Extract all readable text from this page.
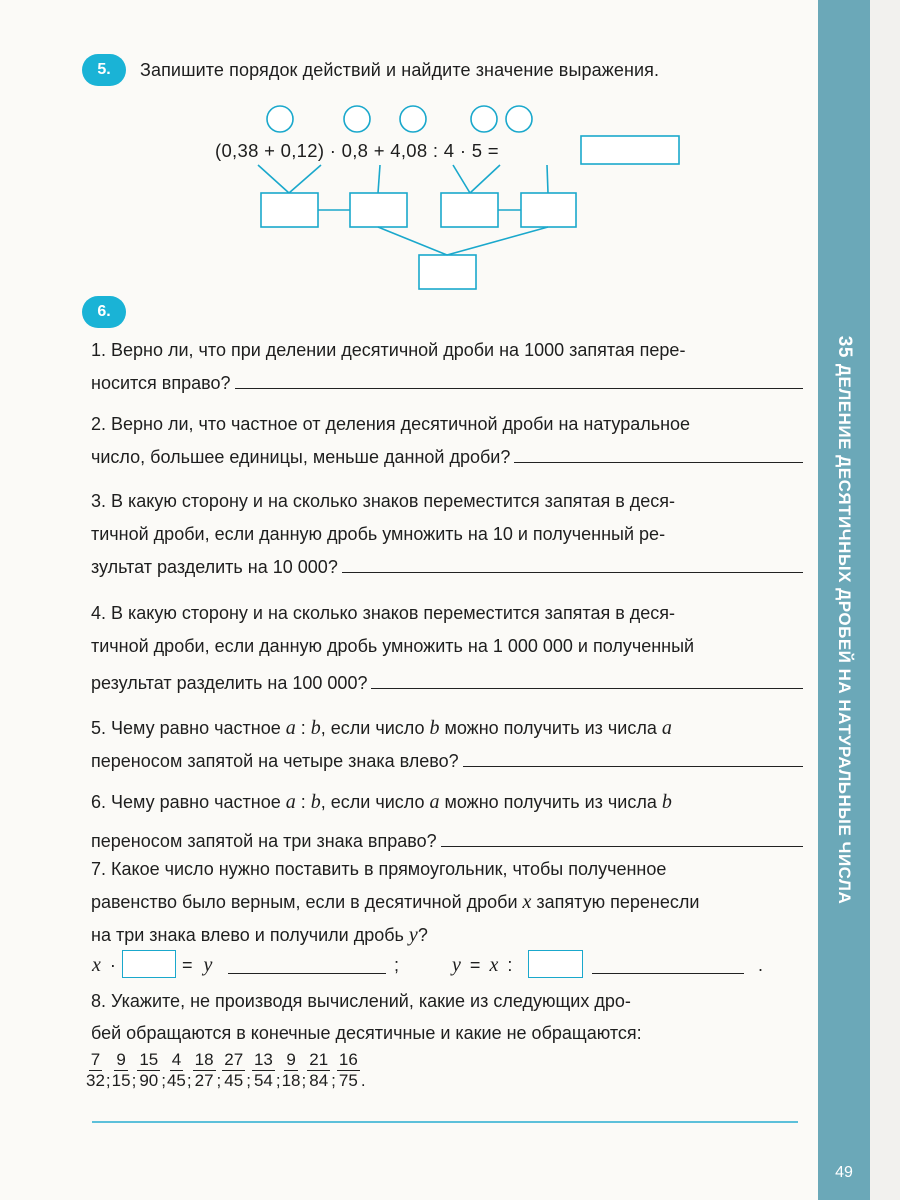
35ДЕЛЕНИЕ ДЕСЯТИЧНЫХ ДРОБЕЙ НА НАТУРАЛЬНЫЕ ЧИСЛА
49
5.	Запишите порядок действий и найдите значение выражения.
(0,38 + 0,12) · 0,8 + 4,08 : 4 · 5 =
6.
1. Верно ли, что при делении десятичной дроби на 1000 запятая пере-
носится вправо?
2. Верно ли, что частное от деления десятичной дроби на натуральное
число, большее единицы, меньше данной дроби?
3. В какую сторону и на сколько знаков переместится запятая в деся-
тичной дроби, если данную дробь умножить на 10 и полученный ре-
зультат разделить на 10 000?
4. В какую сторону и на сколько знаков переместится запятая в деся-
тичной дроби, если данную дробь умножить на 1 000 000 и полученный
результат разделить на 100 000?
5. Чему равно частное a : b, если число b можно получить из числа a
переносом запятой на четыре знака влево?
6. Чему равно частное a : b, если число a можно получить из числа b
переносом запятой на три знака вправо?
7. Какое число нужно поставить в прямоугольник, чтобы полученное
равенство было верным, если в десятичной дроби x запятую перенесли
на три знака влево и получили дробь y?
x ·	= y	;	y = x :	.
8. Укажите, не производя вычислений, какие из следующих дро-
бей обращаются в конечные десятичные и какие не обращаются:
$\frac{7}{32}$ ; $\frac{9}{15}$ ; $\frac{15}{90}$ ; $\frac{4}{45}$ ; $\frac{18}{27}$ ; $\frac{27}{45}$ ; $\frac{13}{54}$ ; $\frac{9}{18}$ ; $\frac{21}{84}$ ; $\frac{16}{75}$ .
